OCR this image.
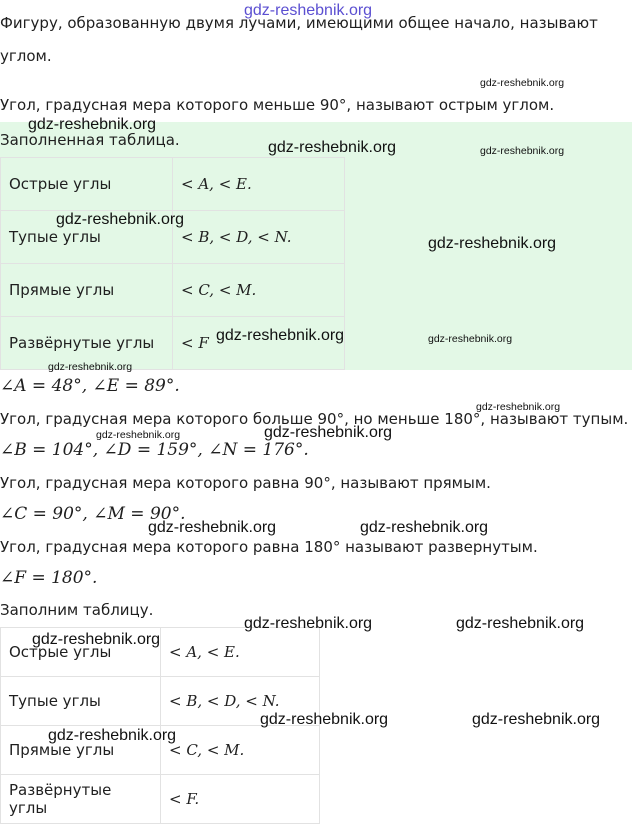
gdz-reshebnik.org
Фигуру, образованную двумя лучами, имеющими общее начало, называют
углом.
Угол, градусная мера которого меньше 90°, называют острым углом.
Заполненная таблица.
Острые углы	< A, < E.
Тупые углы	< B, < D, < N.
Прямые углы	< C, < M.
Развёрнутые углы	< F
∠A = 48°, ∠E = 89°.
Угол, градусная мера которого больше 90°, но меньше 180°, называют тупым.
∠B = 104°, ∠D = 159°, ∠N = 176°.
Угол, градусная мера которого равна 90°, называют прямым.
∠C = 90°, ∠M = 90°.
Угол, градусная мера которого равна 180° называют развернутым.
∠F = 180°.
Заполним таблицу.
Острые углы	< A, < E.
Тупые углы	< B, < D, < N.
Прямые углы	< C, < M.
Развёрнутые углы	< F.
gdz-reshebnik.org
gdz-reshebnik.org
gdz-reshebnik.org	gdz-reshebnik.org
gdz-reshebnik.org
gdz-reshebnik.org
gdz-reshebnik.org	gdz-reshebnik.org
gdz-reshebnik.org
gdz-reshebnik.org
gdz-reshebnik.org	gdz-reshebnik.org
gdz-reshebnik.org	gdz-reshebnik.org
gdz-reshebnik.org	gdz-reshebnik.org
gdz-reshebnik.org
gdz-reshebnik.org	gdz-reshebnik.org
gdz-reshebnik.org
